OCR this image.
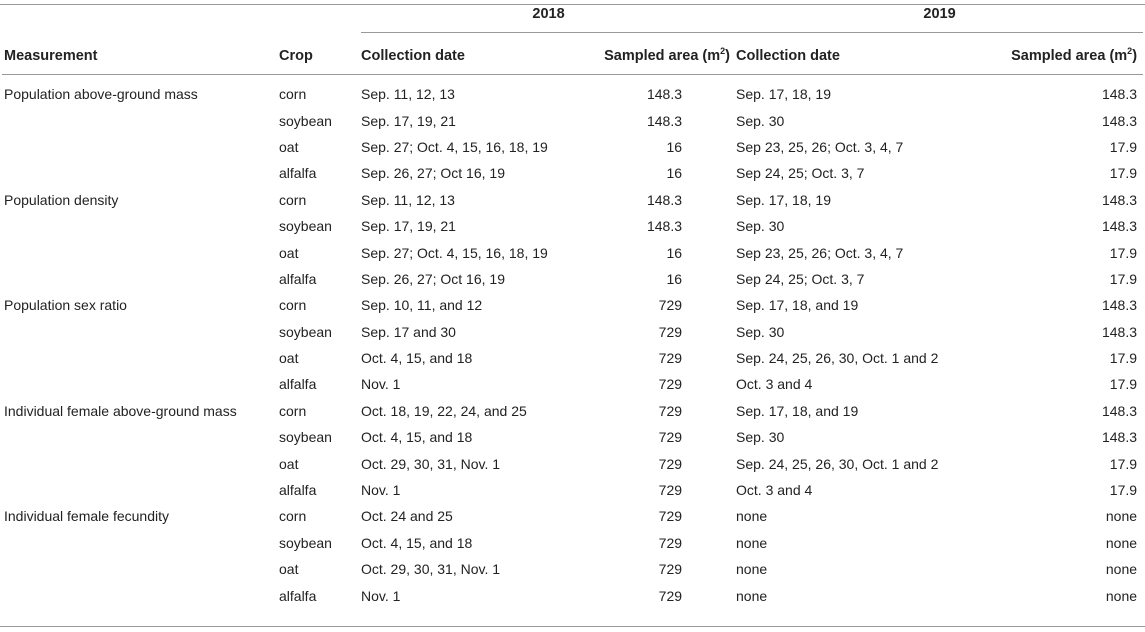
		2018		2019	

Measurement	Crop	Collection date	Sampled area $(m^2)$	Collection date	Sampled area $(m^2)$
Population above-ground mass	corn	Sep. 11, 12, 13	148.3	Sep. 17, 18, 19	148.3
	soybean	Sep. 17, 19, 21	148.3	Sep. 30	148.3
	oat	Sep. 27; Oct. 4, 15, 16, 18, 19	16	Sep 23, 25, 26; Oct. 3, 4, 7	17.9
	alfalfa	Sep. 26, 27; Oct 16, 19	16	Sep 24, 25; Oct. 3, 7	17.9
Population density	corn	Sep. 11, 12, 13	148.3	Sep. 17, 18, 19	148.3
	soybean	Sep. 17, 19, 21	148.3	Sep. 30	148.3
	oat	Sep. 27; Oct. 4, 15, 16, 18, 19	16	Sep 23, 25, 26; Oct. 3, 4, 7	17.9
	alfalfa	Sep. 26, 27; Oct 16, 19	16	Sep 24, 25; Oct. 3, 7	17.9
Population sex ratio	corn	Sep. 10, 11, and 12	729	Sep. 17, 18, and 19	148.3
	soybean	Sep. 17 and 30	729	Sep. 30	148.3
	oat	Oct. 4, 15, and 18	729	Sep. 24, 25, 26, 30, Oct. 1 and 2	17.9
	alfalfa	Nov. 1	729	Oct. 3 and 4	17.9
Individual female above-ground mass	corn	Oct. 18, 19, 22, 24, and 25	729	Sep. 17, 18, and 19	148.3
	soybean	Oct. 4, 15, and 18	729	Sep. 30	148.3
	oat	Oct. 29, 30, 31, Nov. 1	729	Sep. 24, 25, 26, 30, Oct. 1 and 2	17.9
	alfalfa	Nov. 1	729	Oct. 3 and 4	17.9
Individual female fecundity	corn	Oct. 24 and 25	729	none	none
	soybean	Oct. 4, 15, and 18	729	none	none
	oat	Oct. 29, 30, 31, Nov. 1	729	none	none
	alfalfa	Nov. 1	729	none	none
